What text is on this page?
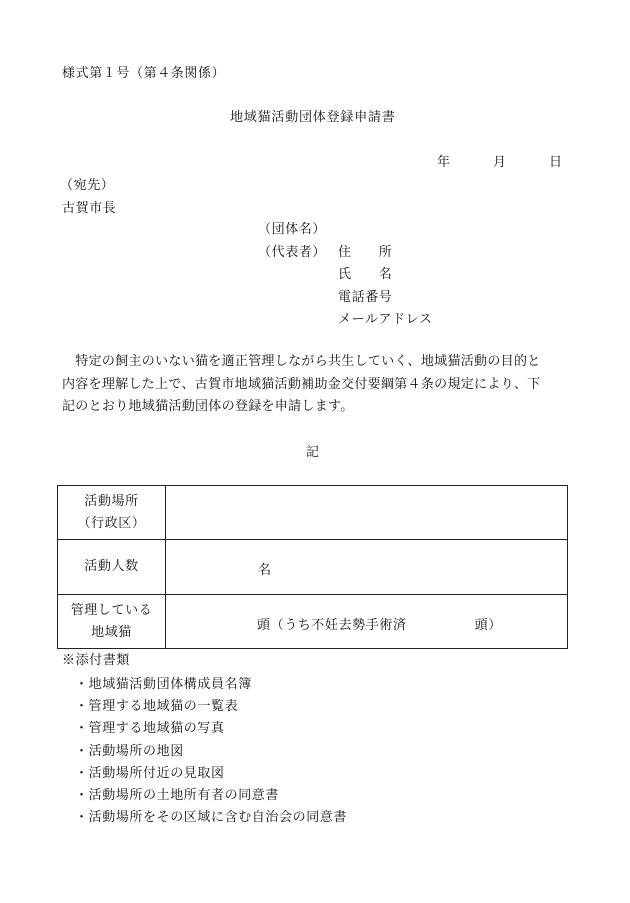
様式第１号（第４条関係）
地域猫活動団体登録申請書
年	月	日
（宛先）
古賀市長
（団体名）
（代表者） 住　　所
氏　　名
電話番号
メールアドレス
　特定の飼主のいない猫を適正管理しながら共生していく、地域猫活動の目的と
内容を理解した上で、古賀市地域猫活動補助金交付要綱第４条の規定により、下
記のとおり地域猫活動団体の登録を申請します。
記
活動場所
（行政区）	

活動人数	名

管理している
地域猫	頭（うち不妊去勢手術済　　　　　頭）
※添付書類
・地域猫活動団体構成員名簿
・管理する地域猫の一覧表
・管理する地域猫の写真
・活動場所の地図
・活動場所付近の見取図
・活動場所の土地所有者の同意書
・活動場所をその区域に含む自治会の同意書
